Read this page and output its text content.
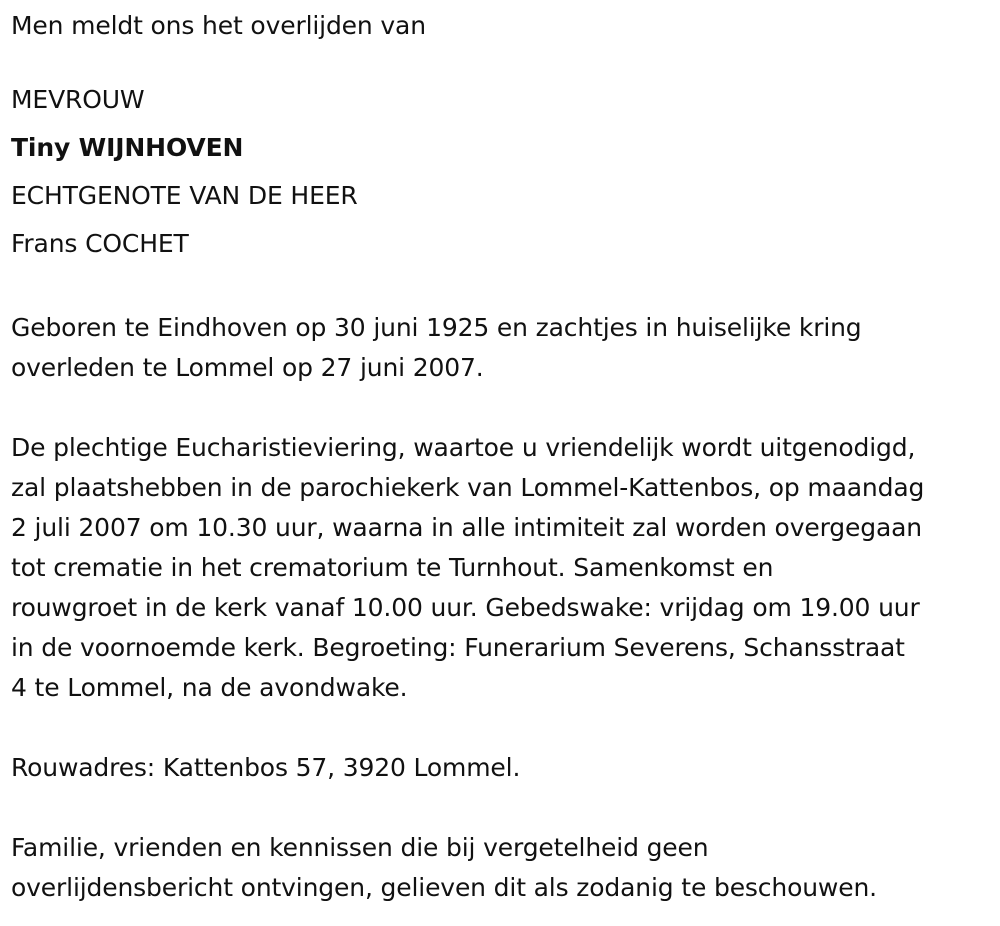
Men meldt ons het overlijden van
MEVROUW
Tiny WIJNHOVEN
ECHTGENOTE VAN DE HEER
Frans COCHET
Geboren te Eindhoven op 30 juni 1925 en zachtjes in huiselijke kring
overleden te Lommel op 27 juni 2007.
De plechtige Eucharistieviering, waartoe u vriendelijk wordt uitgenodigd,
zal plaatshebben in de parochiekerk van Lommel-Kattenbos, op maandag
2 juli 2007 om 10.30 uur, waarna in alle intimiteit zal worden overgegaan
tot crematie in het crematorium te Turnhout. Samenkomst en
rouwgroet in de kerk vanaf 10.00 uur. Gebedswake: vrijdag om 19.00 uur
in de voornoemde kerk. Begroeting: Funerarium Severens, Schansstraat
4 te Lommel, na de avondwake.
Rouwadres: Kattenbos 57, 3920 Lommel.
Familie, vrienden en kennissen die bij vergetelheid geen
overlijdensbericht ontvingen, gelieven dit als zodanig te beschouwen.
